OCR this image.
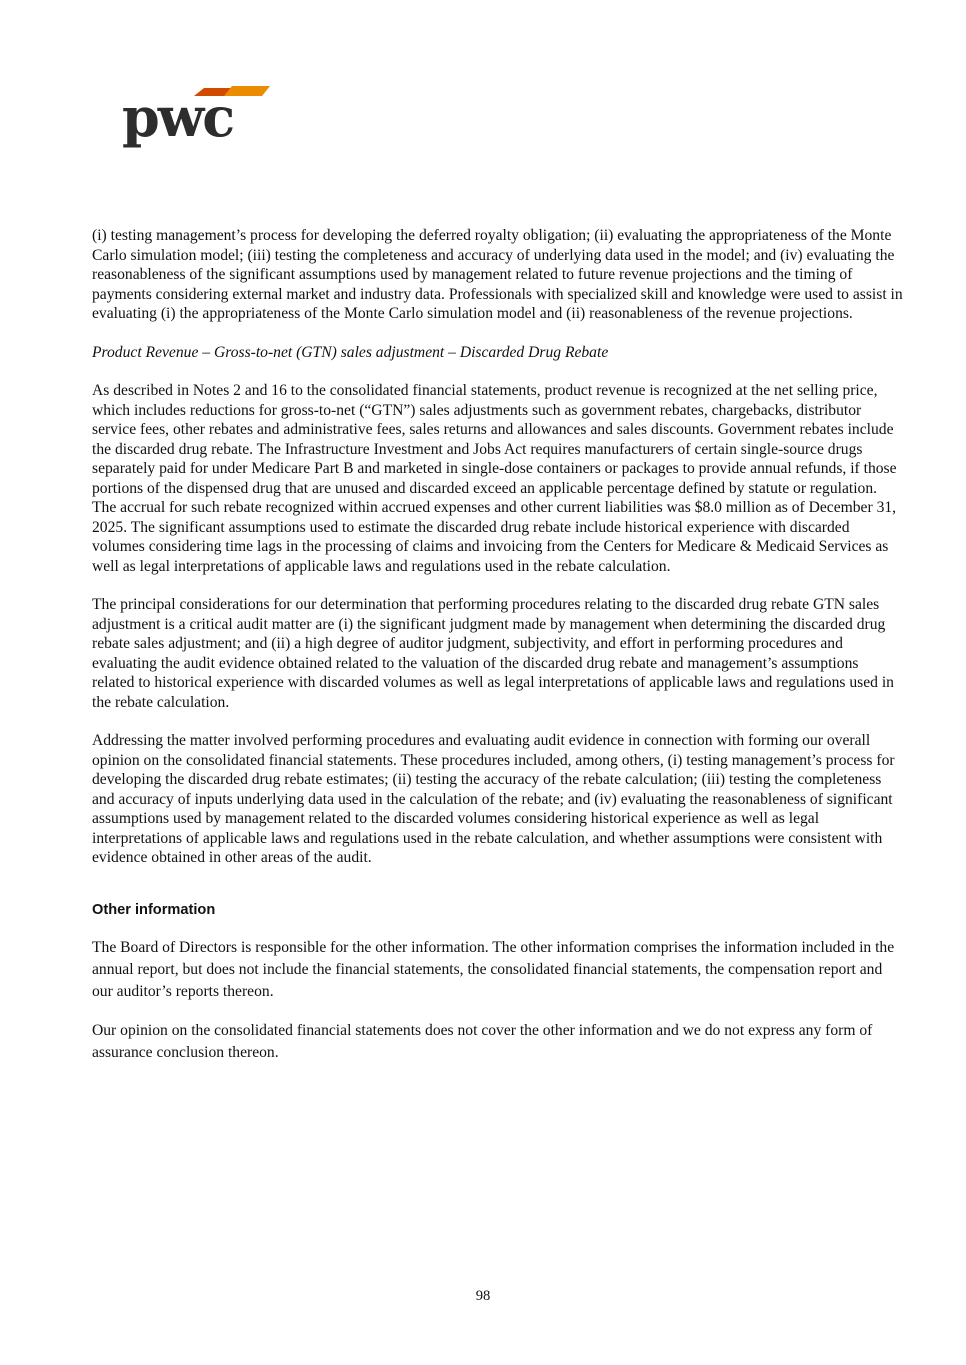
pwc

(i) testing management’s process for developing the deferred royalty obligation; (ii) evaluating the appropriateness of the Monte Carlo simulation model; (iii) testing the completeness and accuracy of underlying data used in the model; and (iv) evaluating the reasonableness of the significant assumptions used by management related to future revenue projections and the timing of payments considering external market and industry data. Professionals with specialized skill and knowledge were used to assist in evaluating (i) the appropriateness of the Monte Carlo simulation model and (ii) reasonableness of the revenue projections.

Product Revenue – Gross-to-net (GTN) sales adjustment – Discarded Drug Rebate

As described in Notes 2 and 16 to the consolidated financial statements, product revenue is recognized at the net selling price, which includes reductions for gross-to-net (“GTN”) sales adjustments such as government rebates, chargebacks, distributor service fees, other rebates and administrative fees, sales returns and allowances and sales discounts. Government rebates include the discarded drug rebate. The Infrastructure Investment and Jobs Act requires manufacturers of certain single-source drugs separately paid for under Medicare Part B and marketed in single-dose containers or packages to provide annual refunds, if those portions of the dispensed drug that are unused and discarded exceed an applicable percentage defined by statute or regulation. The accrual for such rebate recognized within accrued expenses and other current liabilities was $8.0 million as of December 31, 2025. The significant assumptions used to estimate the discarded drug rebate include historical experience with discarded volumes considering time lags in the processing of claims and invoicing from the Centers for Medicare & Medicaid Services as well as legal interpretations of applicable laws and regulations used in the rebate calculation.

The principal considerations for our determination that performing procedures relating to the discarded drug rebate GTN sales adjustment is a critical audit matter are (i) the significant judgment made by management when determining the discarded drug rebate sales adjustment; and (ii) a high degree of auditor judgment, subjectivity, and effort in performing procedures and evaluating the audit evidence obtained related to the valuation of the discarded drug rebate and management’s assumptions related to historical experience with discarded volumes as well as legal interpretations of applicable laws and regulations used in the rebate calculation.

Addressing the matter involved performing procedures and evaluating audit evidence in connection with forming our overall opinion on the consolidated financial statements. These procedures included, among others, (i) testing management’s process for developing the discarded drug rebate estimates; (ii) testing the accuracy of the rebate calculation; (iii) testing the completeness and accuracy of inputs underlying data used in the calculation of the rebate; and (iv) evaluating the reasonableness of significant assumptions used by management related to the discarded volumes considering historical experience as well as legal interpretations of applicable laws and regulations used in the rebate calculation, and whether assumptions were consistent with evidence obtained in other areas of the audit.

Other information

The Board of Directors is responsible for the other information. The other information comprises the information included in the annual report, but does not include the financial statements, the consolidated financial statements, the compensation report and our auditor’s reports thereon.

Our opinion on the consolidated financial statements does not cover the other information and we do not express any form of assurance conclusion thereon.

98
